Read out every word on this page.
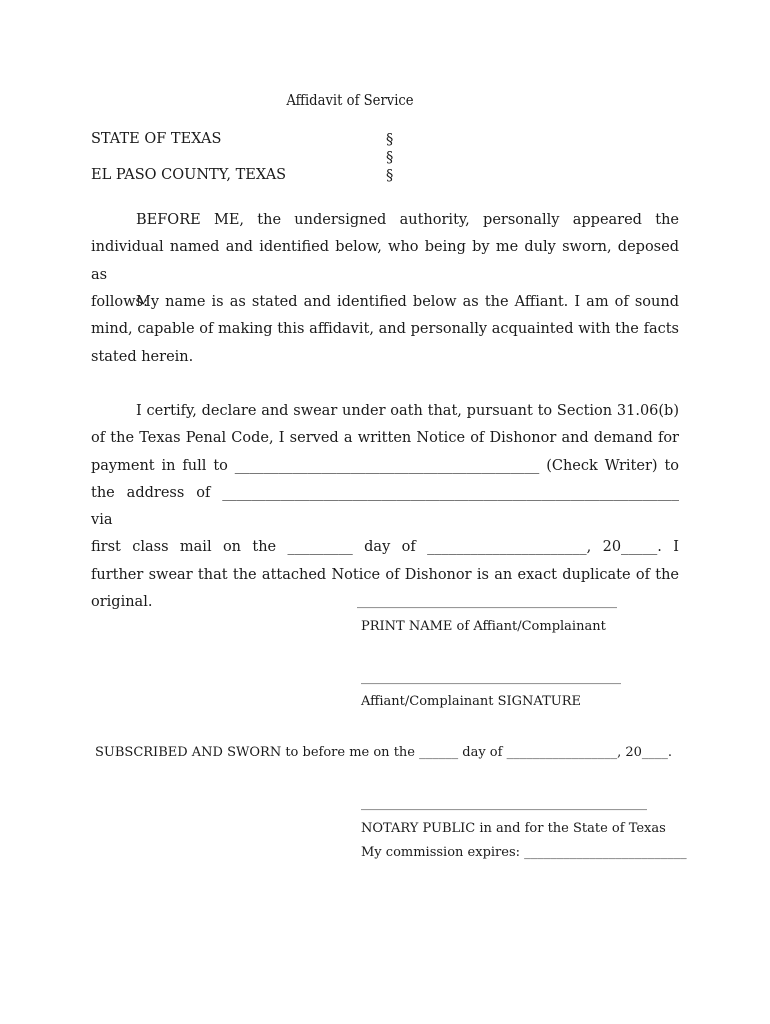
Affidavit of Service
STATE OF TEXAS
EL PASO COUNTY, TEXAS
§
§
§

BEFORE ME, the undersigned authority, personally appeared the

individual named and identified below, who being by me duly sworn, deposed as

follows:

My name is as stated and identified below as the Affiant. I am of sound

mind, capable of making this affidavit, and personally acquainted with the facts

stated herein.

I certify, declare and swear under oath that, pursuant to Section 31.06(b)

of the Texas Penal Code, I served a written Notice of Dishonor and demand for

payment in full to __________________________________________ (Check Writer) to

the address of _______________________________________________________________ via

first class mail on the _________ day of ______________________, 20_____. I

further swear that the attached Notice of Dishonor is an exact duplicate of the

original.	________________________________________
PRINT NAME of Affiant/Complainant
________________________________________
Affiant/Complainant SIGNATURE
SUBSCRIBED AND SWORN to before me on the ______ day of _________________, 20____.
____________________________________________
NOTARY PUBLIC in and for the State of Texas
My commission expires: _________________________
